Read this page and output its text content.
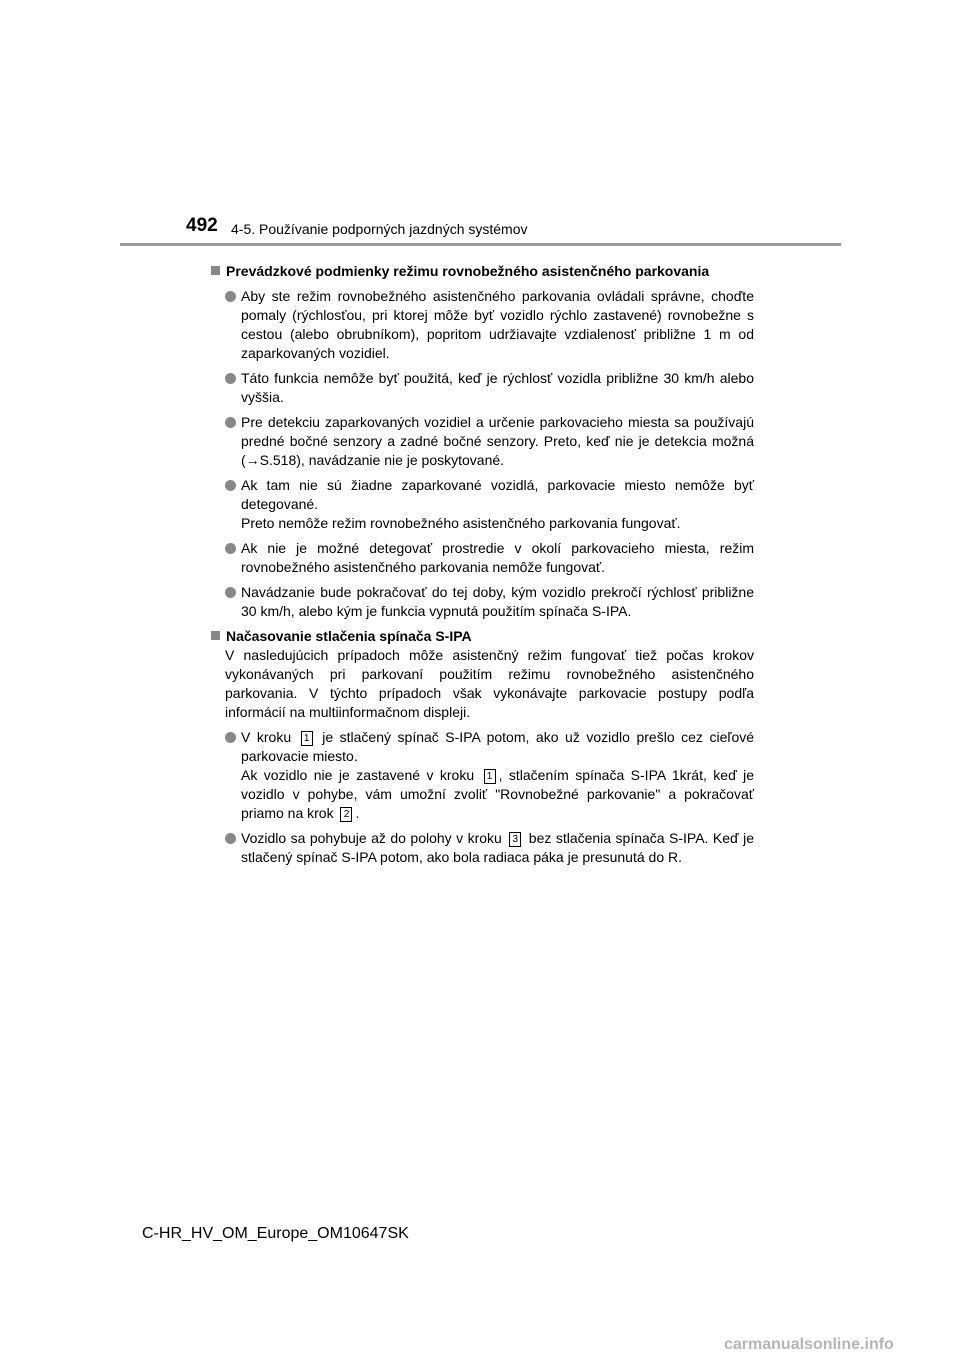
492 4-5. Používanie podporných jazdných systémov
Prevádzkové podmienky režimu rovnobežného asistenčného parkovania
Aby ste režim rovnobežného asistenčného parkovania ovládali správne, choďte pomaly (rýchlosťou, pri ktorej môže byť vozidlo rýchlo zastavené) rovnobežne s cestou (alebo obrubníkom), popritom udržiavajte vzdialenosť približne 1 m od zaparkovaných vozidiel.
Táto funkcia nemôže byť použitá, keď je rýchlosť vozidla približne 30 km/h alebo vyššia.
Pre detekciu zaparkovaných vozidiel a určenie parkovacieho miesta sa používajú predné bočné senzory a zadné bočné senzory. Preto, keď nie je detekcia možná (→S.518), navádzanie nie je poskytované.
Ak tam nie sú žiadne zaparkované vozidlá, parkovacie miesto nemôže byť detegované.
Preto nemôže režim rovnobežného asistenčného parkovania fungovať.
Ak nie je možné detegovať prostredie v okolí parkovacieho miesta, režim rovnobežného asistenčného parkovania nemôže fungovať.
Navádzanie bude pokračovať do tej doby, kým vozidlo prekročí rýchlosť približne 30 km/h, alebo kým je funkcia vypnutá použitím spínača S-IPA.
Načasovanie stlačenia spínača S-IPA
V nasledujúcich prípadoch môže asistenčný režim fungovať tiež počas krokov vykonávaných pri parkovaní použitím režimu rovnobežného asistenčného parkovania. V týchto prípadoch však vykonávajte parkovacie postupy podľa informácií na multiinformačnom displeji.
V kroku 1 je stlačený spínač S-IPA potom, ako už vozidlo prešlo cez cieľové parkovacie miesto.
Ak vozidlo nie je zastavené v kroku 1 , stlačením spínača S-IPA 1krát, keď je vozidlo v pohybe, vám umožní zvoliť "Rovnobežné parkovanie" a pokračovať priamo na krok 2 .
Vozidlo sa pohybuje až do polohy v kroku 3 bez stlačenia spínača S-IPA. Keď je stlačený spínač S-IPA potom, ako bola radiaca páka je presunutá do R.
C-HR_HV_OM_Europe_OM10647SK
carmanualsonline.info
